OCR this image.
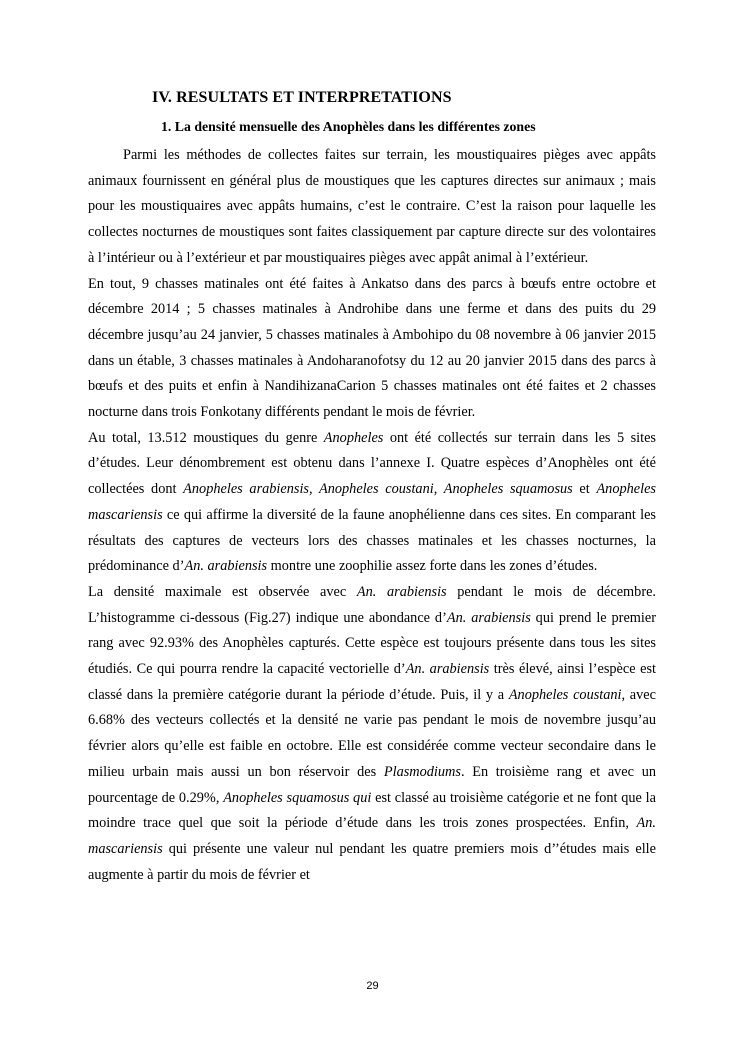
IV. RESULTATS ET INTERPRETATIONS
1. La densité mensuelle des Anophèles dans les différentes zones

Parmi les méthodes de collectes faites sur terrain, les moustiquaires pièges avec appâts animaux fournissent en général plus de moustiques que les captures directes sur animaux ; mais pour les moustiquaires avec appâts humains, c’est le contraire. C’est la raison pour laquelle les collectes nocturnes de moustiques sont faites classiquement par capture directe sur des volontaires à l’intérieur ou à l’extérieur et par moustiquaires pièges avec appât animal à l’extérieur.

En tout, 9 chasses matinales ont été faites à Ankatso dans des parcs à bœufs entre octobre et décembre 2014 ; 5 chasses matinales à Androhibe dans une ferme et dans des puits du 29 décembre jusqu’au 24 janvier, 5 chasses matinales à Ambohipo du 08 novembre à 06 janvier 2015 dans un étable, 3 chasses matinales à Andoharanofotsy du 12 au 20 janvier 2015 dans des parcs à bœufs et des puits et enfin à NandihizanaCarion 5 chasses matinales ont été faites et 2 chasses nocturne dans trois Fonkotany différents pendant le mois de février.

Au total, 13.512 moustiques du genre Anopheles ont été collectés sur terrain dans les 5 sites d’études. Leur dénombrement est obtenu dans l’annexe I. Quatre espèces d’Anophèles ont été collectées dont Anopheles arabiensis, Anopheles coustani, Anopheles squamosus et Anopheles mascariensis ce qui affirme la diversité de la faune anophélienne dans ces sites. En comparant les résultats des captures de vecteurs lors des chasses matinales et les chasses nocturnes, la prédominance d’An. arabiensis montre une zoophilie assez forte dans les zones d’études.

La densité maximale est observée avec An. arabiensis pendant le mois de décembre. L’histogramme ci-dessous (Fig.27) indique une abondance d’An. arabiensis qui prend le premier rang avec 92.93% des Anophèles capturés. Cette espèce est toujours présente dans tous les sites étudiés. Ce qui pourra rendre la capacité vectorielle d’An. arabiensis très élevé, ainsi l’espèce est classé dans la première catégorie durant la période d’étude. Puis, il y a Anopheles coustani, avec 6.68% des vecteurs collectés et la densité ne varie pas pendant le mois de novembre jusqu’au février alors qu’elle est faible en octobre. Elle est considérée comme vecteur secondaire dans le milieu urbain mais aussi un bon réservoir des Plasmodiums. En troisième rang et avec un pourcentage de 0.29%, Anopheles squamosus qui est classé au troisième catégorie et ne font que la moindre trace quel que soit la période d’étude dans les trois zones prospectées. Enfin, An. mascariensis qui présente une valeur nul pendant les quatre premiers mois d’’études mais elle augmente à partir du mois de février et

29
